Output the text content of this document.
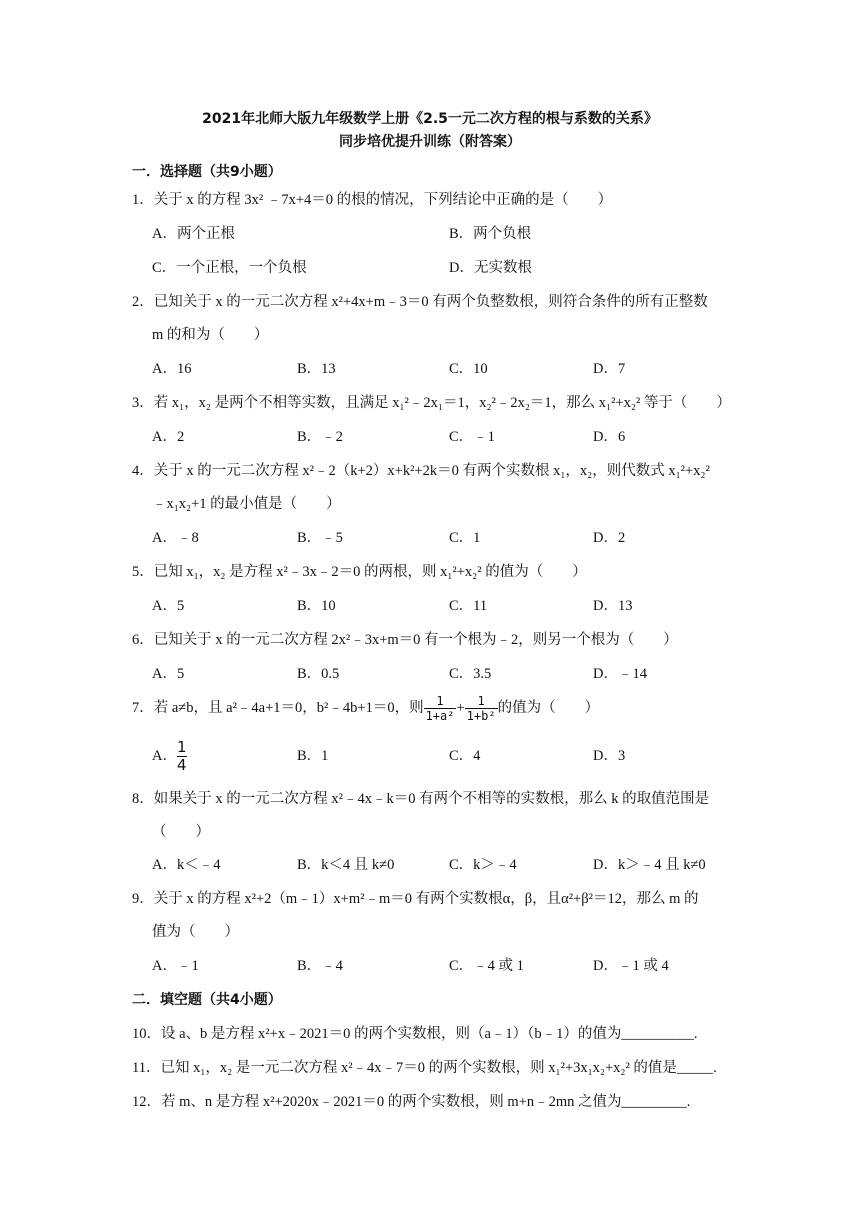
2021年北师大版九年级数学上册《2.5一元二次方程的根与系数的关系》
同步培优提升训练（附答案）
一．选择题（共9小题）
1．关于 x 的方程 3x² ﹣7x+4＝0 的根的情况，下列结论中正确的是（　　）
A．两个正根	B．两个负根
C．一个正根，一个负根	D．无实数根
2．已知关于 x 的一元二次方程 x²+4x+m﹣3＝0 有两个负整数根，则符合条件的所有正整数
m 的和为（　　）
A．16	B．13	C．10	D．7
3．若 x₁，x₂ 是两个不相等实数，且满足 x₁²﹣2x₁＝1，x₂²﹣2x₂＝1，那么 x₁²+x₂² 等于（　　）
A．2	B．﹣2	C．﹣1	D．6
4．关于 x 的一元二次方程 x²﹣2（k+2）x+k²+2k＝0 有两个实数根 x₁，x₂，则代数式 x₁²+x₂²
﹣x₁x₂+1 的最小值是（　　）
A．﹣8	B．﹣5	C．1	D．2
5．已知 x₁，x₂ 是方程 x²﹣3x﹣2＝0 的两根，则 x₁²+x₂² 的值为（　　）
A．5	B．10	C．11	D．13
6．已知关于 x 的一元二次方程 2x²﹣3x+m＝0 有一个根为﹣2，则另一个根为（　　）
A．5	B．0.5	C．3.5	D．﹣14
7．若 a≠b，且 a²﹣4a+1＝0，b²﹣4b+1＝0，则 $\frac{1}{\text{1+a²}} + \frac{1}{\text{1+b²}}$ 的值为（　　）
A． $\frac{1}{4}$	B．1	C．4	D．3
8．如果关于 x 的一元二次方程 x²﹣4x﹣k＝0 有两个不相等的实数根，那么 k 的取值范围是
（　　）
A．k＜﹣4	B．k＜4 且 k≠0	C．k＞﹣4	D．k＞﹣4 且 k≠0
9．关于 x 的方程 x²+2（m﹣1）x+m²﹣m＝0 有两个实数根α，β，且α²+β²＝12，那么 m 的
值为（　　）
A．﹣1	B．﹣4	C．﹣4 或 1	D．﹣1 或 4
二．填空题（共4小题）
10．设 a、b 是方程 x²+x﹣2021＝0 的两个实数根，则（a﹣1）（b﹣1）的值为__________.
11．已知 x₁，x₂ 是一元二次方程 x²﹣4x﹣7＝0 的两个实数根，则 x₁²+3x₁x₂+x₂² 的值是_____.
12．若 m、n 是方程 x²+2020x﹣2021＝0 的两个实数根，则 m+n﹣2mn 之值为_________.
